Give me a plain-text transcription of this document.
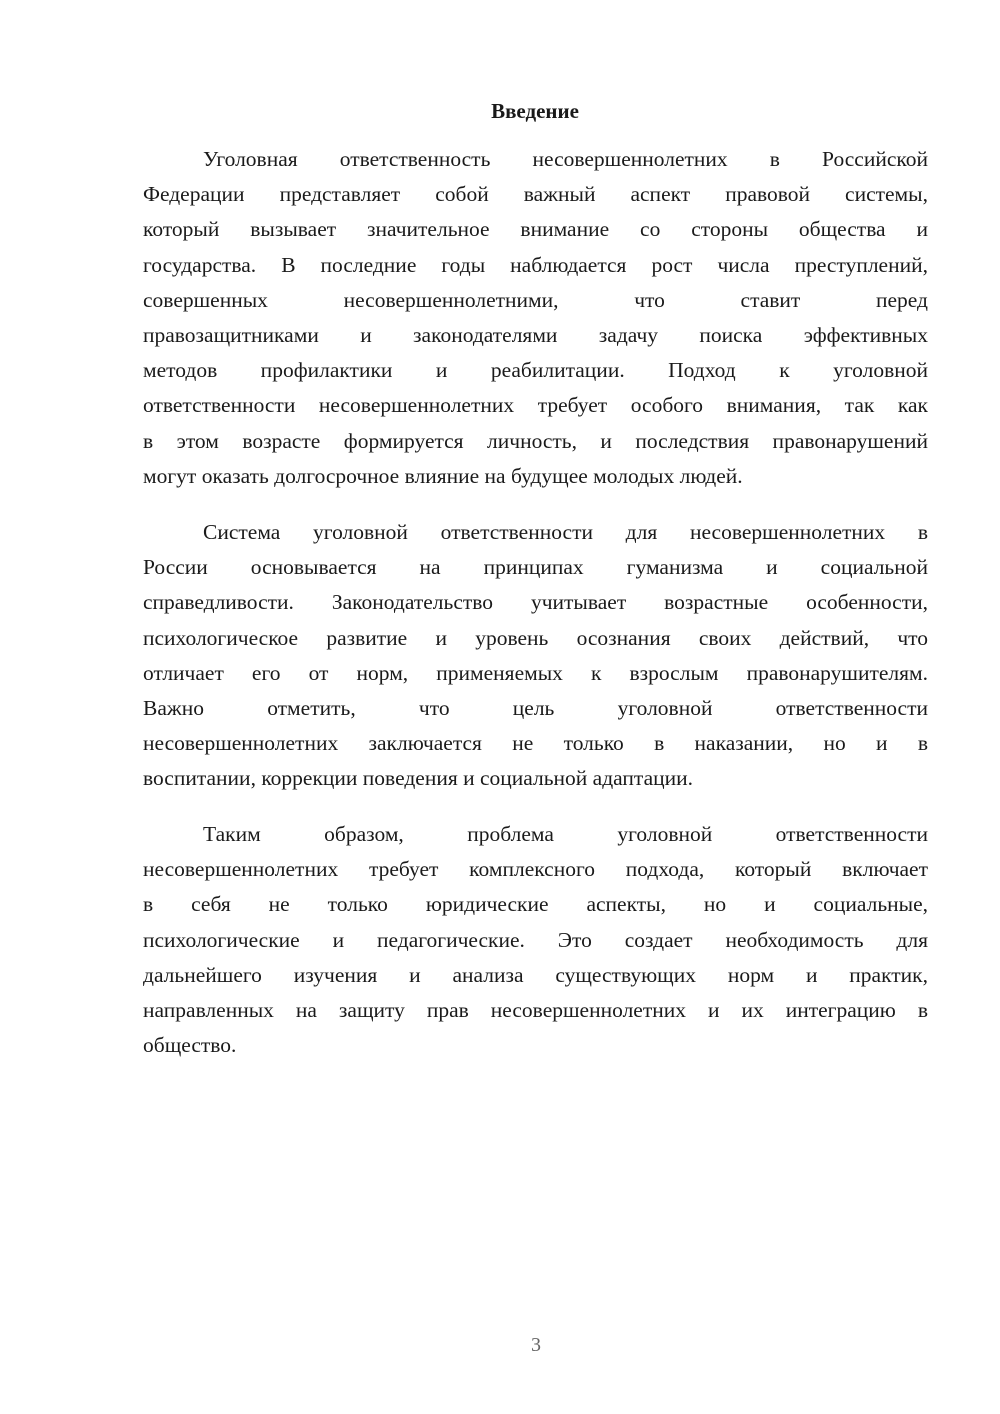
Введение
Уголовная ответственность несовершеннолетних в Российской
Федерации представляет собой важный аспект правовой системы,
который вызывает значительное внимание со стороны общества и
государства. В последние годы наблюдается рост числа преступлений,
совершенных несовершеннолетними, что ставит перед
правозащитниками и законодателями задачу поиска эффективных
методов профилактики и реабилитации. Подход к уголовной
ответственности несовершеннолетних требует особого внимания, так как
в этом возрасте формируется личность, и последствия правонарушений
могут оказать долгосрочное влияние на будущее молодых людей.
Система уголовной ответственности для несовершеннолетних в
России основывается на принципах гуманизма и социальной
справедливости. Законодательство учитывает возрастные особенности,
психологическое развитие и уровень осознания своих действий, что
отличает его от норм, применяемых к взрослым правонарушителям.
Важно отметить, что цель уголовной ответственности
несовершеннолетних заключается не только в наказании, но и в
воспитании, коррекции поведения и социальной адаптации.
Таким образом, проблема уголовной ответственности
несовершеннолетних требует комплексного подхода, который включает
в себя не только юридические аспекты, но и социальные,
психологические и педагогические. Это создает необходимость для
дальнейшего изучения и анализа существующих норм и практик,
направленных на защиту прав несовершеннолетних и их интеграцию в
общество.
3
